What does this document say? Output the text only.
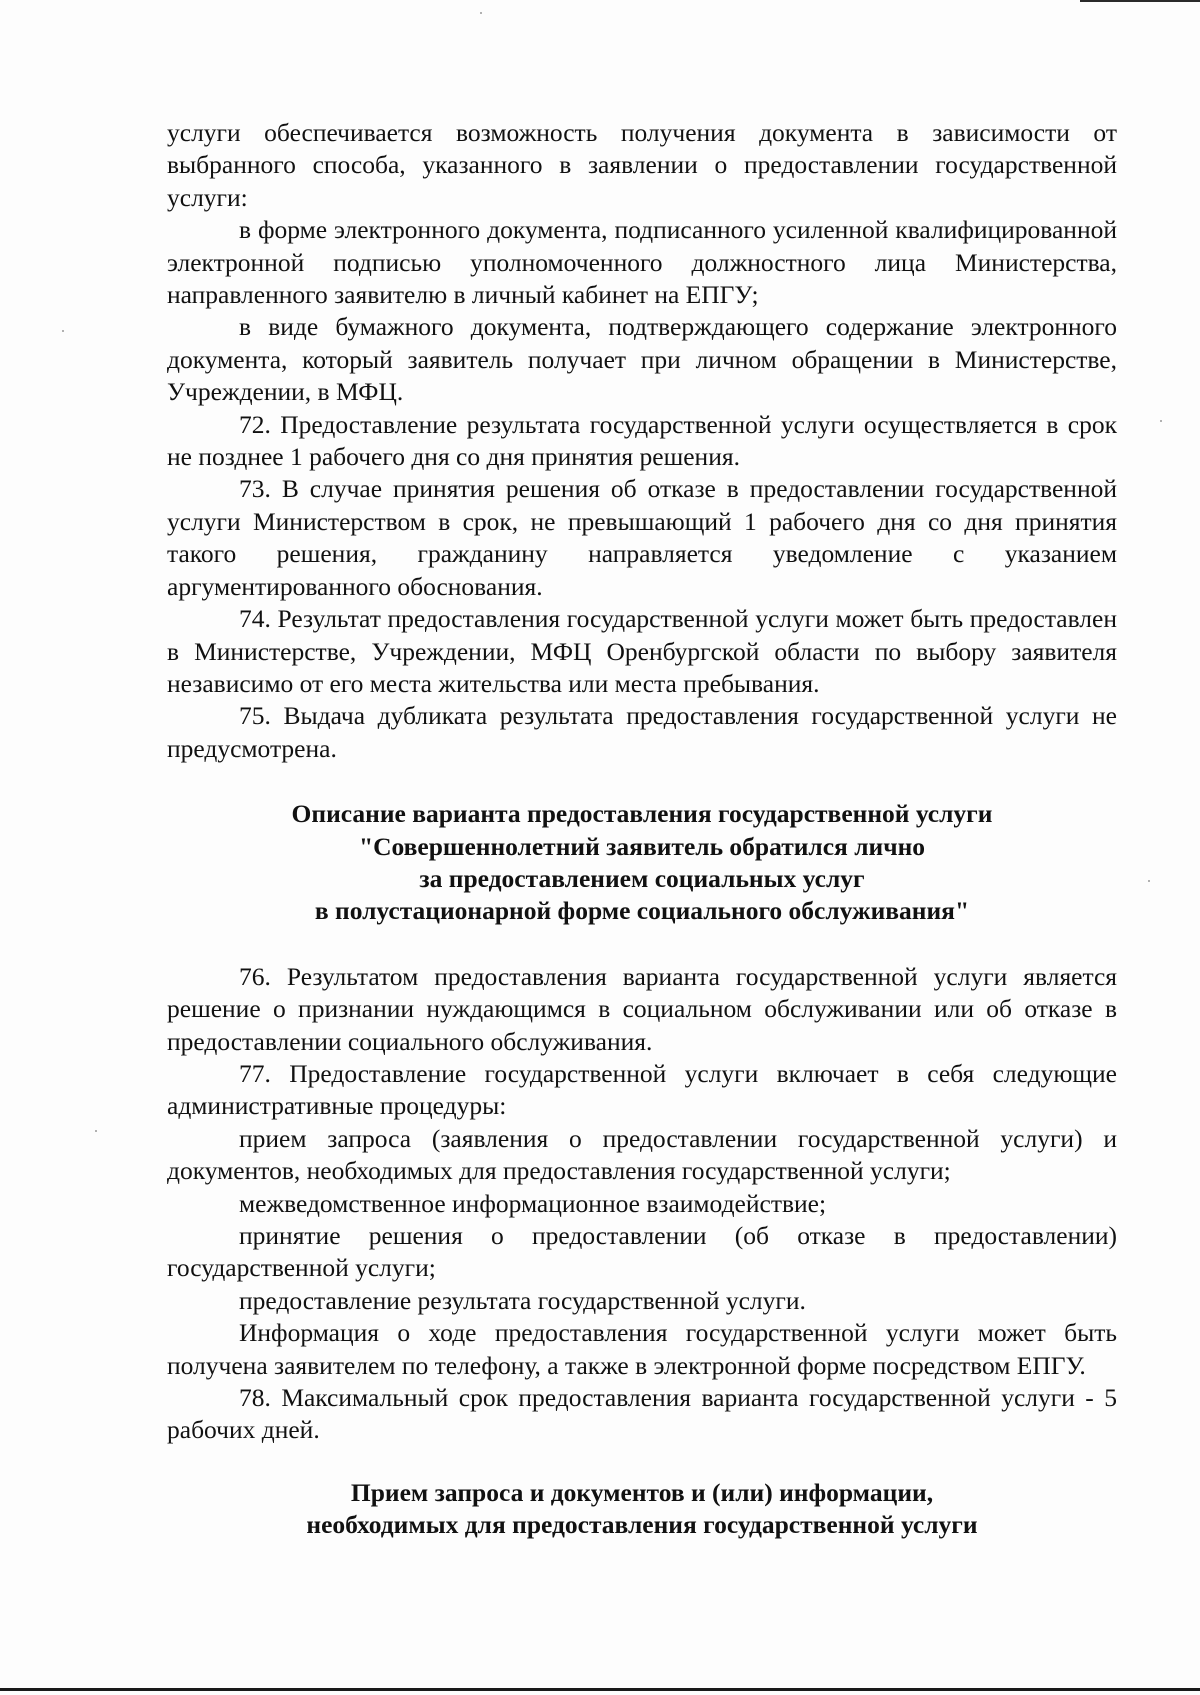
услуги обеспечивается возможность получения документа в зависимости от выбранного способа, указанного в заявлении о предоставлении государственной услуги:

в форме электронного документа, подписанного усиленной квалифицированной электронной подписью уполномоченного должностного лица Министерства, направленного заявителю в личный кабинет на ЕПГУ;

в виде бумажного документа, подтверждающего содержание электронного документа, который заявитель получает при личном обращении в Министерстве, Учреждении, в МФЦ.

72. Предоставление результата государственной услуги осуществляется в срок не позднее 1 рабочего дня со дня принятия решения.

73. В случае принятия решения об отказе в предоставлении государственной услуги Министерством в срок, не превышающий 1 рабочего дня со дня принятия такого решения, гражданину направляется уведомление с указанием аргументированного обоснования.

74. Результат предоставления государственной услуги может быть предоставлен в Министерстве, Учреждении, МФЦ Оренбургской области по выбору заявителя независимо от его места жительства или места пребывания.

75. Выдача дубликата результата предоставления государственной услуги не предусмотрена.

Описание варианта предоставления государственной услуги
"Совершеннолетний заявитель обратился лично
за предоставлением социальных услуг
в полустационарной форме социального обслуживания"

76. Результатом предоставления варианта государственной услуги является решение о признании нуждающимся в социальном обслуживании или об отказе в предоставлении социального обслуживания.

77. Предоставление государственной услуги включает в себя следующие административные процедуры:

прием запроса (заявления о предоставлении государственной услуги) и документов, необходимых для предоставления государственной услуги;

межведомственное информационное взаимодействие;

принятие решения о предоставлении (об отказе в предоставлении) государственной услуги;

предоставление результата государственной услуги.

Информация о ходе предоставления государственной услуги может быть получена заявителем по телефону, а также в электронной форме посредством ЕПГУ.

78. Максимальный срок предоставления варианта государственной услуги - 5 рабочих дней.

Прием запроса и документов и (или) информации,
необходимых для предоставления государственной услуги
